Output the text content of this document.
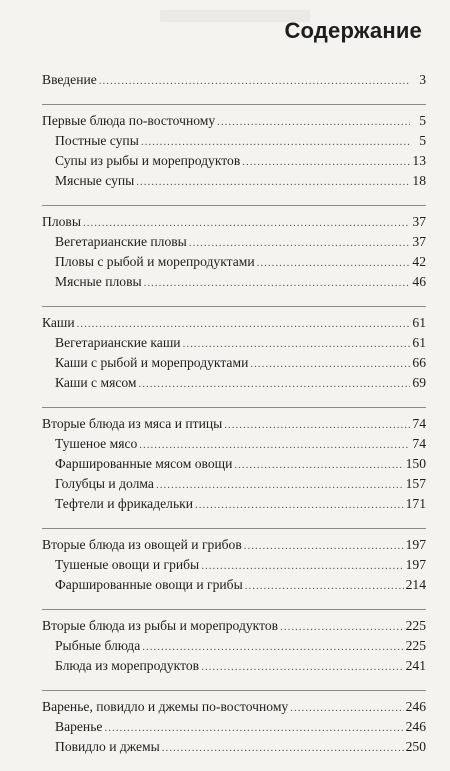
Содержание
Введение .....	3
Первые блюда по-восточному .....	5
Постные супы .....	5
Супы из рыбы и морепродуктов .....	13
Мясные супы .....	18
Пловы .....	37
Вегетарианские пловы .....	37
Пловы с рыбой и морепродуктами .....	42
Мясные пловы .....	46
Каши .....	61
Вегетарианские каши .....	61
Каши с рыбой и морепродуктами .....	66
Каши с мясом .....	69
Вторые блюда из мяса и птицы .....	74
Тушеное мясо .....	74
Фаршированные мясом овощи .....	150
Голубцы и долма .....	157
Тефтели и фрикадельки .....	171
Вторые блюда из овощей и грибов .....	197
Тушеные овощи и грибы .....	197
Фаршированные овощи и грибы .....	214
Вторые блюда из рыбы и морепродуктов .....	225
Рыбные блюда .....	225
Блюда из морепродуктов .....	241
Варенье, повидло и джемы по-восточному .....	246
Варенье .....	246
Повидло и джемы .....	250
